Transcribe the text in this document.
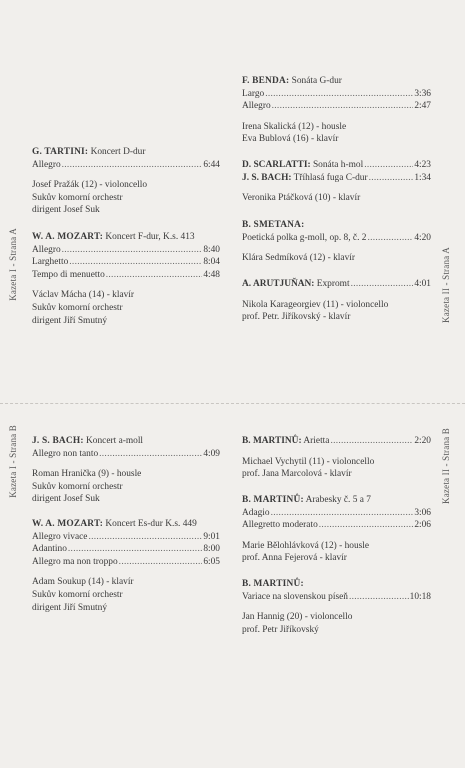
Kazeta I - Strana A
Kazeta I - Strana B
Kazeta II - Strana A
Kazeta II - Strana B
G. TARTINI: Koncert D-dur
Allegro .....	6:44
Josef Pražák (12) - violoncello
Sukův komorní orchestr
dirigent Josef Suk
W. A. MOZART: Koncert F-dur, K.s. 413
Allegro .....	8:40
Larghetto .....	8:04
Tempo di menuetto .....	4:48
Václav Mácha (14) - klavír
Sukův komorní orchestr
dirigent Jiří Smutný
F. BENDA: Sonáta G-dur
Largo .....	3:36
Allegro .....	2:47
Irena Skalická (12) - housle
Eva Bublová (16) - klavír
D. SCARLATTI: Sonáta h-mol .....	4:23
J. S. BACH: Tříhlasá fuga C-dur .....	1:34
Veronika Ptáčková (10) - klavír
B. SMETANA:
Poetická polka g-moll, op. 8, č. 2 .....	4:20
Klára Sedmíková (12) - klavír
A. ARUTJUŇAN: Expromt .....	4:01
Nikola Karageorgiev (11) - violoncello
prof. Petr. Jiříkovský - klavír
J. S. BACH: Koncert a-moll
Allegro non tanto .....	4:09
Roman Hranička (9) - housle
Sukův komorní orchestr
dirigent Josef Suk
W. A. MOZART: Koncert Es-dur K.s. 449
Allegro vivace .....	9:01
Adantino .....	8:00
Allegro ma non troppo .....	6:05
Adam Soukup (14) - klavír
Sukův komorní orchestr
dirigent Jiří Smutný
B. MARTINŮ: Arietta .....	2:20
Michael Vychytil (11) - violoncello
prof. Jana Marcolová - klavír
B. MARTINŮ: Arabesky č. 5 a 7
Adagio .....	3:06
Allegretto moderato .....	2:06
Marie Bělohlávková (12) - housle
prof. Anna Fejerová - klavír
B. MARTINŮ:
Variace na slovenskou píseň .....	10:18
Jan Hannig (20) - violoncello
prof. Petr Jiříkovský
